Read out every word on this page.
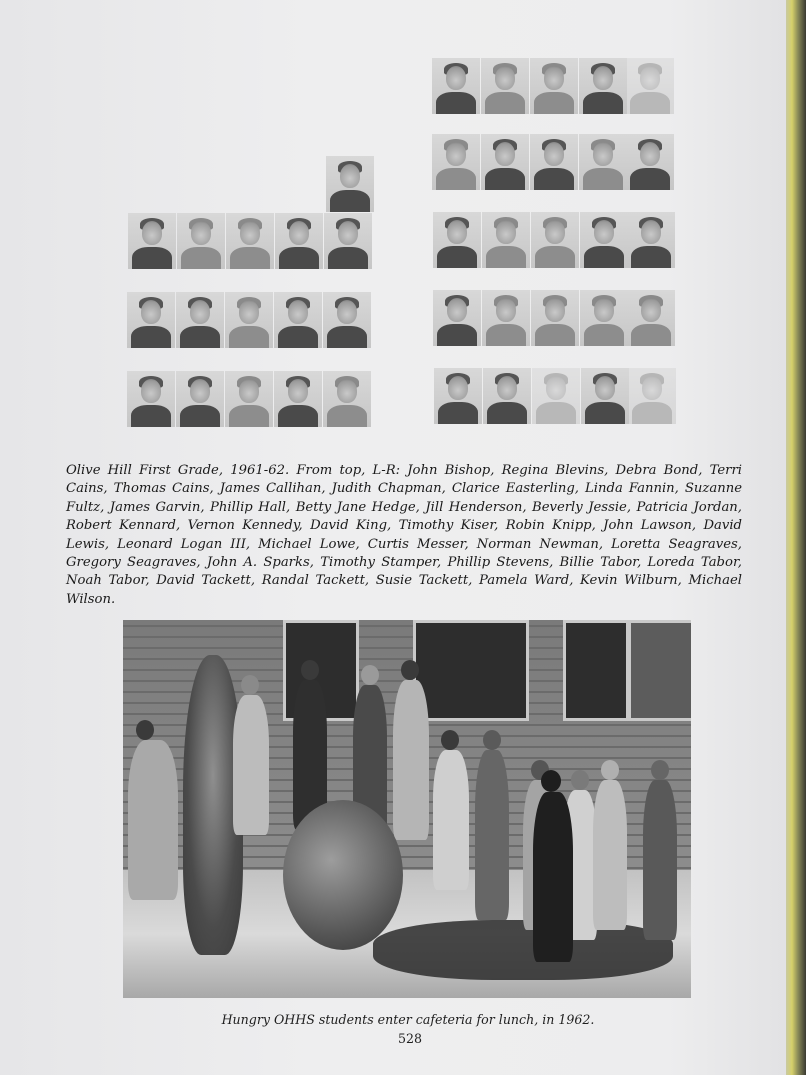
Olive Hill First Grade, 1961-62. From top, L-R: John Bishop, Regina Blevins, Debra Bond, Terri Cains, Thomas Cains, James Callihan, Judith Chapman, Clarice Easterling, Linda Fannin, Suzanne Fultz, James Garvin, Phillip Hall, Betty Jane Hedge, Jill Henderson, Beverly Jessie, Patricia Jordan, Robert Kennard, Vernon Kennedy, David King, Timothy Kiser, Robin Knipp, John Lawson, David Lewis, Leonard Logan III, Michael Lowe, Curtis Messer, Norman Newman, Loretta Seagraves, Gregory Seagraves, John A. Sparks, Timothy Stamper, Phillip Stevens, Billie Tabor, Loreda Tabor, Noah Tabor, David Tackett, Randal Tackett, Susie Tackett, Pamela Ward, Kevin Wilburn, Michael Wilson.

Hungry OHHS students enter cafeteria for lunch, in 1962.
528
